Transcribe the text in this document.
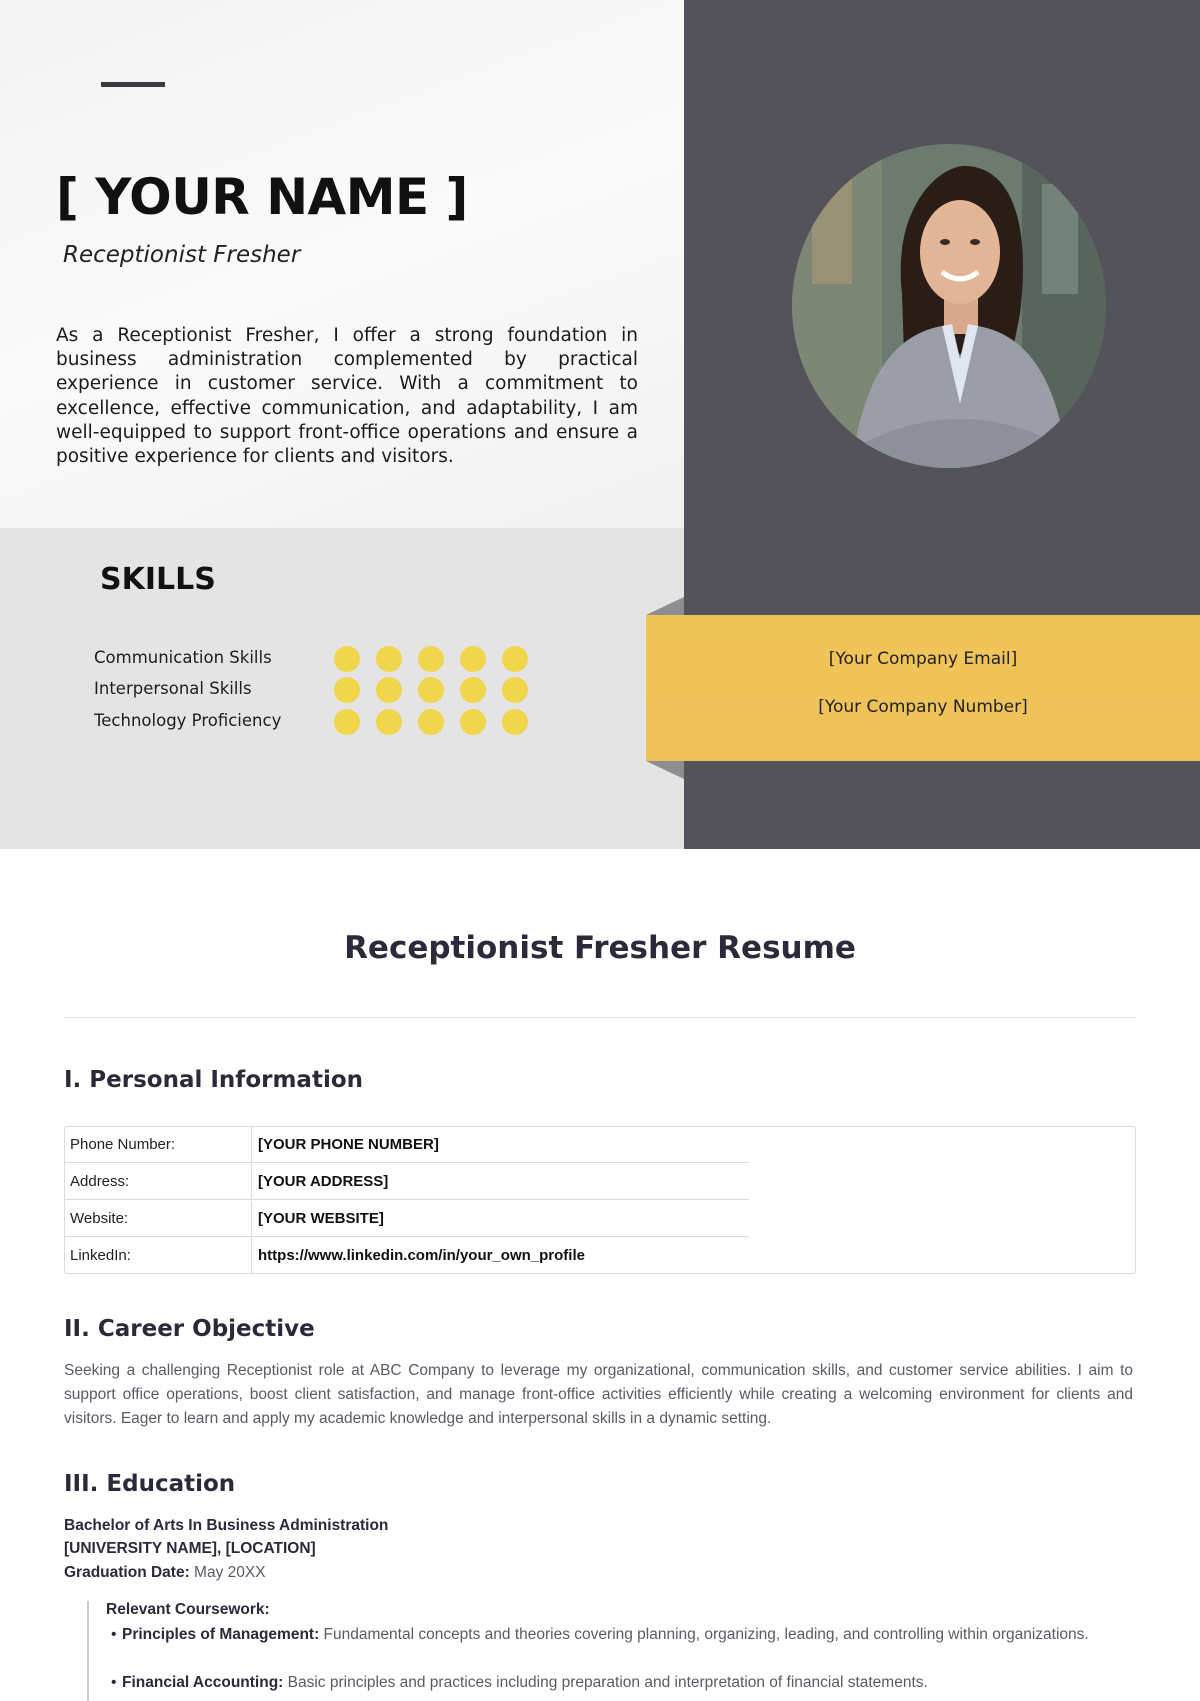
[ YOUR NAME ]
Receptionist Fresher
As a Receptionist Fresher, I offer a strong foundation in business administration complemented by practical experience in customer service. With a commitment to excellence, effective communication, and adaptability, I am well-equipped to support front-office operations and ensure a positive experience for clients and visitors.
SKILLS
Communication Skills
Interpersonal Skills
Technology Proficiency
[Your Company Email]
[Your Company Number]
Receptionist Fresher Resume
I. Personal Information
Phone Number:	[YOUR PHONE NUMBER]
Address:	[YOUR ADDRESS]
Website:	[YOUR WEBSITE]
LinkedIn:	https://www.linkedin.com/in/your_own_profile
II. Career Objective
Seeking a challenging Receptionist role at ABC Company to leverage my organizational, communication skills, and customer service abilities. I aim to support office operations, boost client satisfaction, and manage front-office activities efficiently while creating a welcoming environment for clients and visitors. Eager to learn and apply my academic knowledge and interpersonal skills in a dynamic setting.
III. Education
Bachelor of Arts In Business Administration
[UNIVERSITY NAME], [LOCATION]
Graduation Date: May 20XX
Relevant Coursework:
• Principles of Management: Fundamental concepts and theories covering planning, organizing, leading, and controlling within organizations.
• Financial Accounting: Basic principles and practices including preparation and interpretation of financial statements.
